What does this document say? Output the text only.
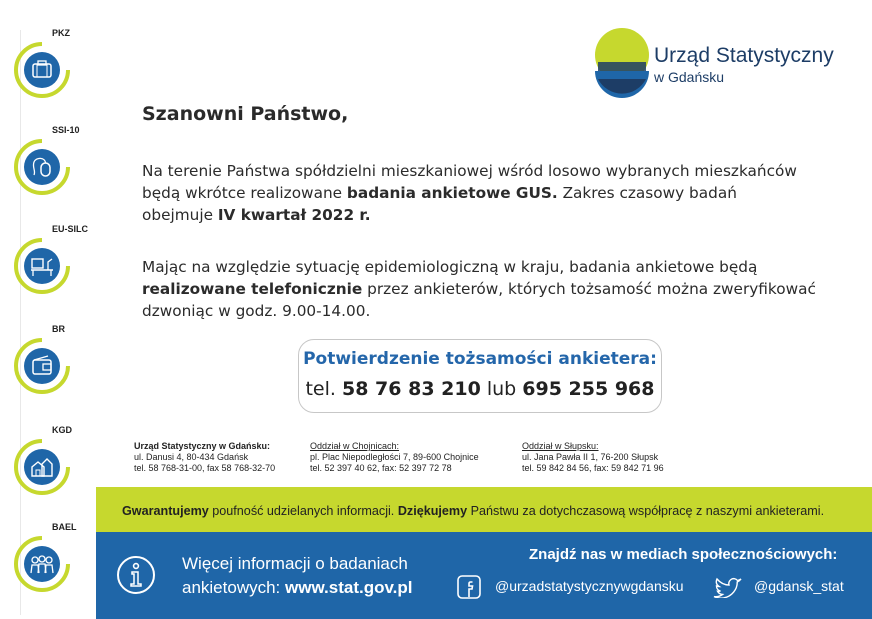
PKZ
SSI-10
EU-SILC
BR
KGD
BAEL
Urząd Statystyczny
w Gdańsku
Szanowni Państwo,
Na terenie Państwa spółdzielni mieszkaniowej wśród losowo wybranych mieszkańców
będą wkrótce realizowane badania ankietowe GUS. Zakres czasowy badań
obejmuje IV kwartał 2022 r.
Mając na względzie sytuację epidemiologiczną w kraju, badania ankietowe będą
realizowane telefonicznie przez ankieterów, których tożsamość można zweryfikować
dzwoniąc w godz. 9.00-14.00.
Potwierdzenie tożsamości ankietera:
tel. 58 76 83 210 lub 695 255 968
Urząd Statystyczny w Gdańsku:
ul. Danusi 4, 80-434 Gdańsk
tel. 58 768-31-00, fax 58 768-32-70
Oddział w Chojnicach:
pl. Plac Niepodległości 7, 89-600 Chojnice
tel. 52 397 40 62, fax: 52 397 72 78
Oddział w Słupsku:
ul. Jana Pawła II 1, 76-200 Słupsk
tel. 59 842 84 56, fax: 59 842 71 96
Gwarantujemy poufność udzielanych informacji. Dziękujemy Państwu za dotychczasową współpracę z naszymi ankieterami.
Więcej informacji o badaniach
ankietowych: www.stat.gov.pl
Znajdź nas w mediach społecznościowych:
@urzadstatystycznywgdansku	@gdansk_stat
